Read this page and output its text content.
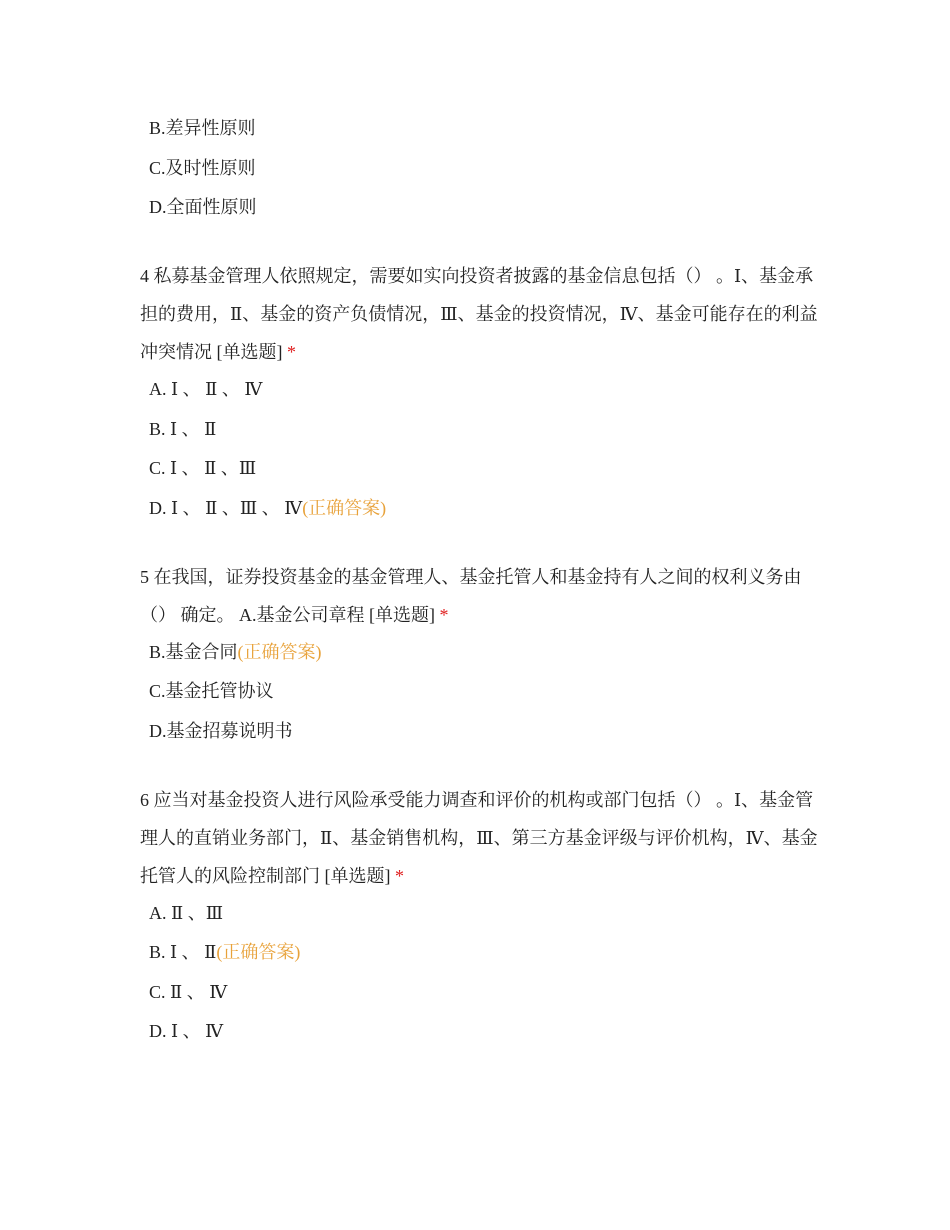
B.差异性原则
C.及时性原则
D.全面性原则
4 私募基金管理人依照规定，需要如实向投资者披露的基金信息包括（） 。Ⅰ、基金承担的费用，Ⅱ、基金的资产负债情况，Ⅲ、基金的投资情况，Ⅳ、基金可能存在的利益冲突情况 [单选题] *
A. Ⅰ 、 Ⅱ 、 Ⅳ
B. Ⅰ 、 Ⅱ
C. Ⅰ 、 Ⅱ 、Ⅲ
D. Ⅰ 、 Ⅱ 、Ⅲ 、 Ⅳ(正确答案)
5 在我国，证券投资基金的基金管理人、基金托管人和基金持有人之间的权利义务由（） 确定。 A.基金公司章程 [单选题] *
B.基金合同(正确答案)
C.基金托管协议
D.基金招募说明书
6 应当对基金投资人进行风险承受能力调查和评价的机构或部门包括（） 。Ⅰ、基金管理人的直销业务部门，Ⅱ、基金销售机构，Ⅲ、第三方基金评级与评价机构，Ⅳ、基金托管人的风险控制部门 [单选题] *
A. Ⅱ 、Ⅲ
B. Ⅰ 、 Ⅱ(正确答案)
C. Ⅱ 、 Ⅳ
D. Ⅰ 、 Ⅳ
